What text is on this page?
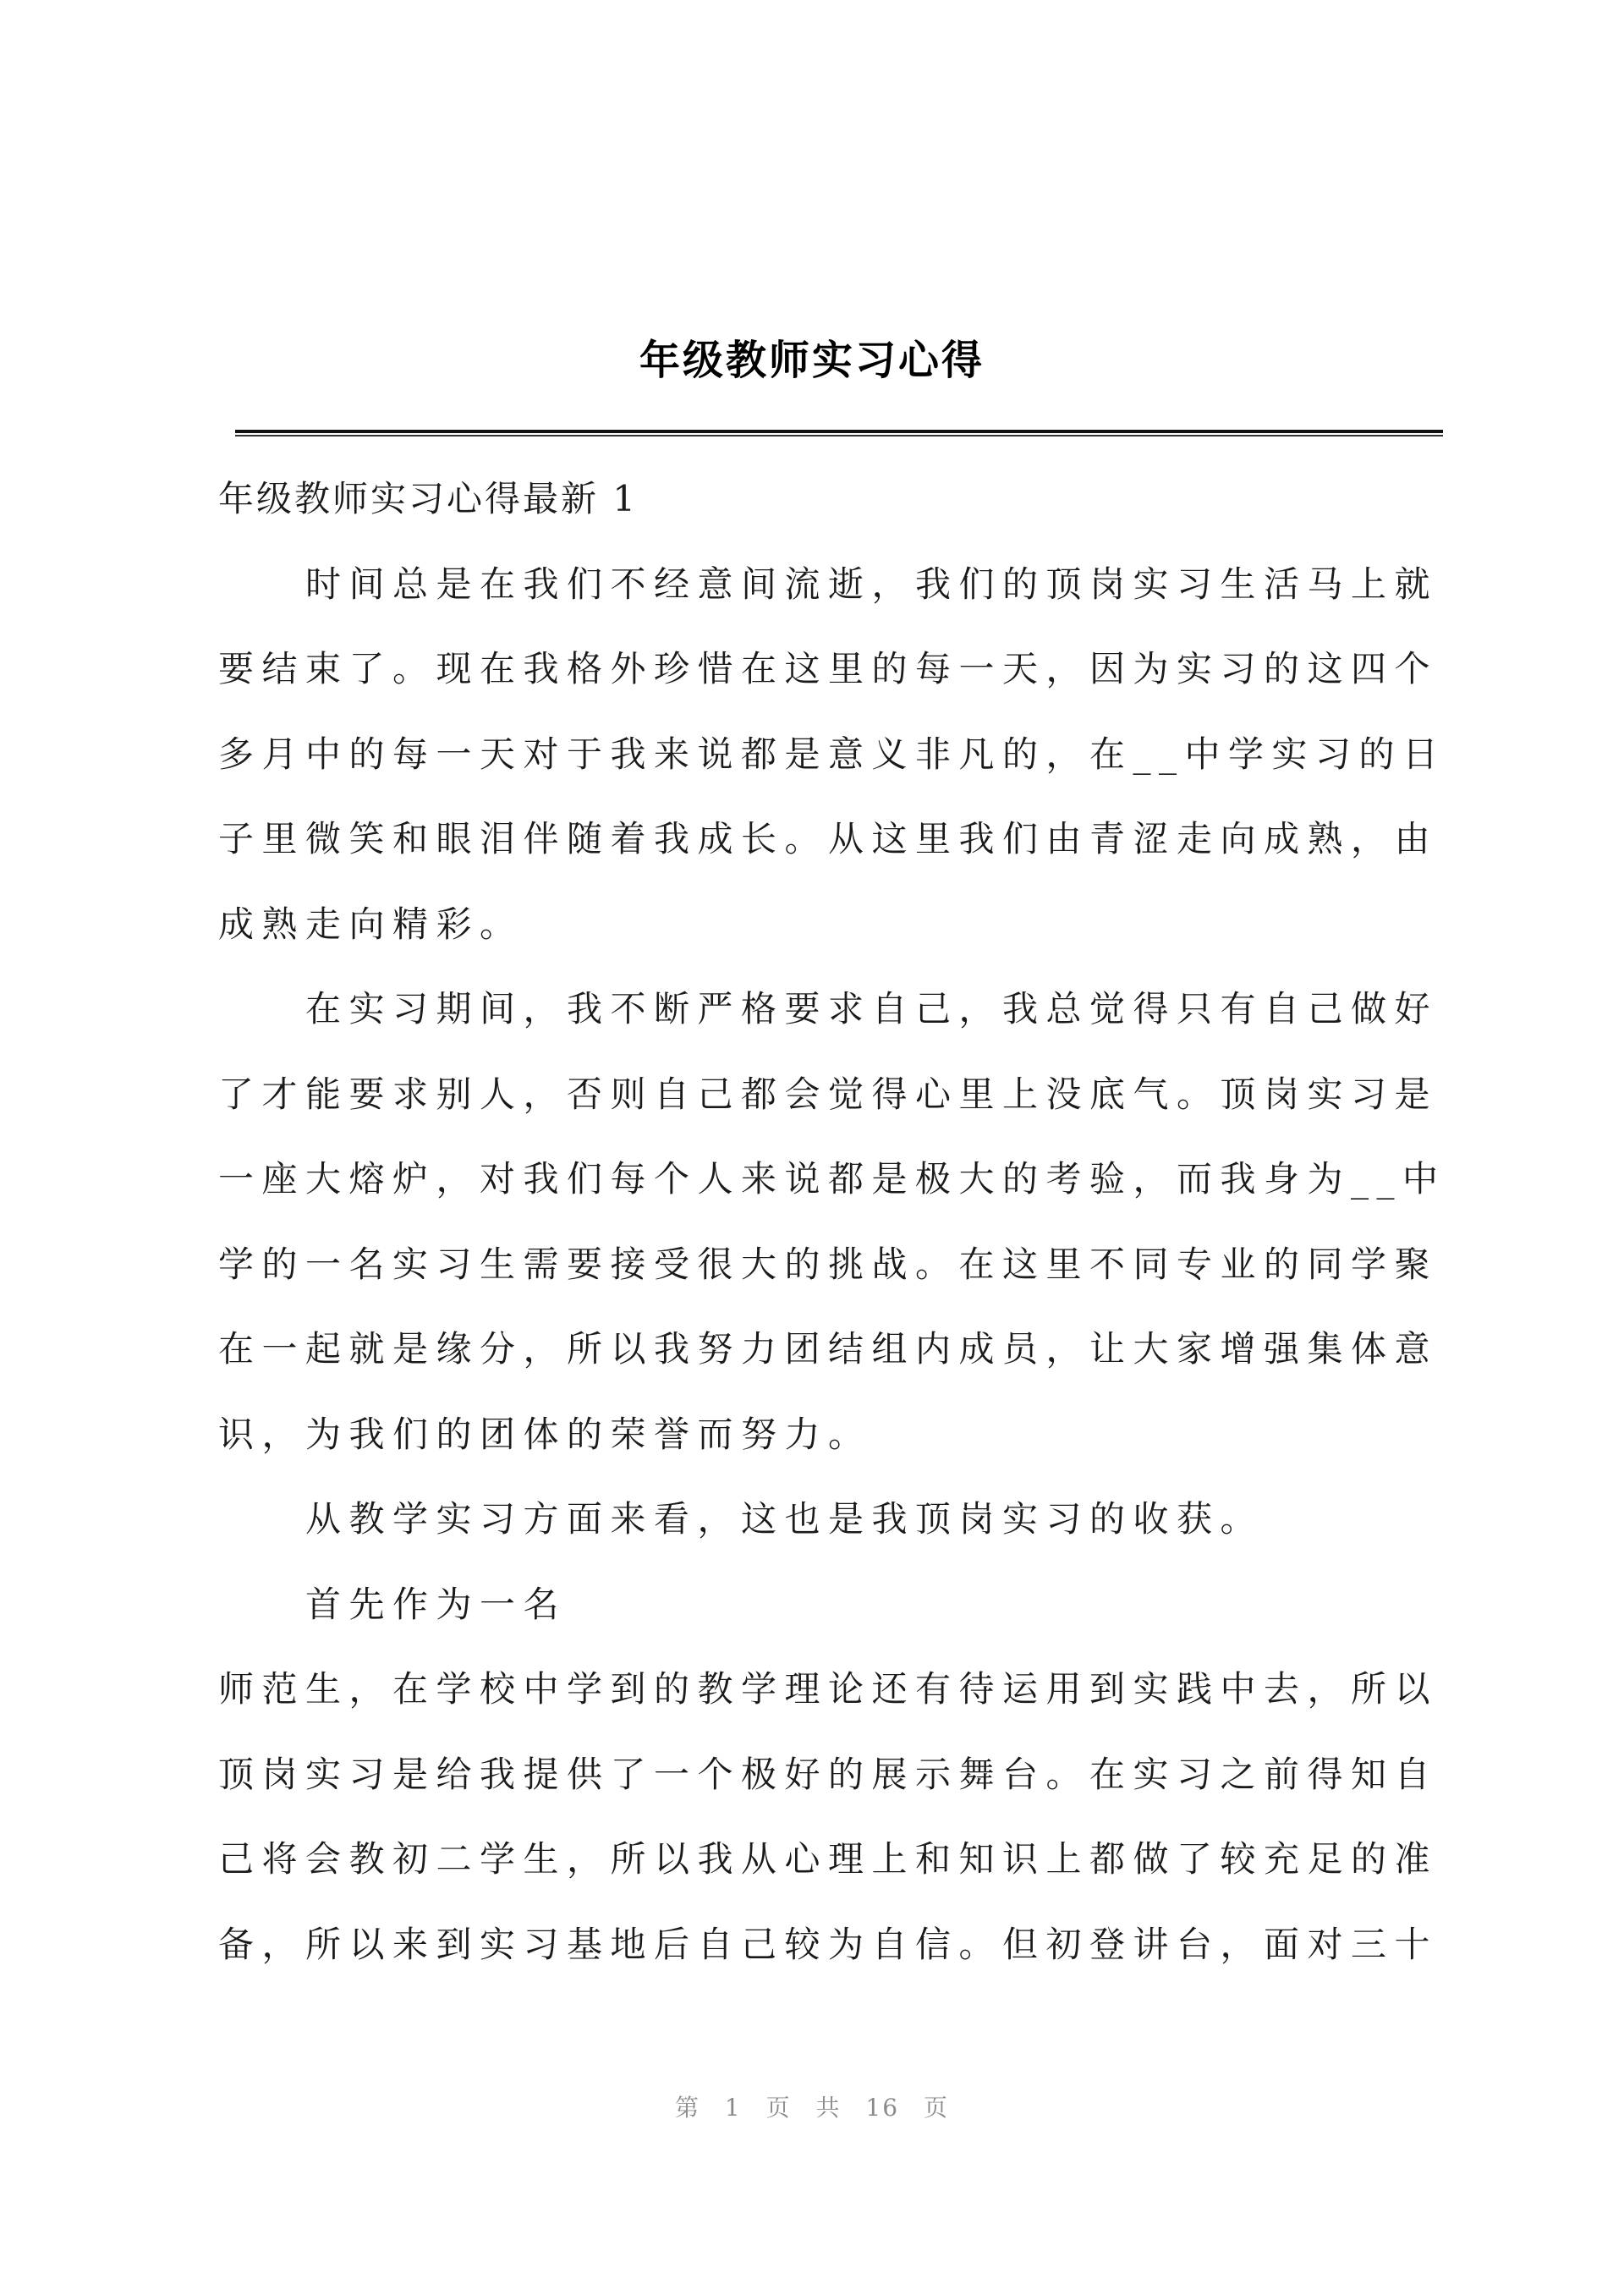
年级教师实习心得
年级教师实习心得最新 1
时间总是在我们不经意间流逝，我们的顶岗实习生活马上就
要结束了。现在我格外珍惜在这里的每一天，因为实习的这四个
多月中的每一天对于我来说都是意义非凡的，在__中学实习的日
子里微笑和眼泪伴随着我成长。从这里我们由青涩走向成熟，由
成熟走向精彩。
在实习期间，我不断严格要求自己，我总觉得只有自己做好
了才能要求别人，否则自己都会觉得心里上没底气。顶岗实习是
一座大熔炉，对我们每个人来说都是极大的考验，而我身为__中
学的一名实习生需要接受很大的挑战。在这里不同专业的同学聚
在一起就是缘分，所以我努力团结组内成员，让大家增强集体意
识，为我们的团体的荣誉而努力。
从教学实习方面来看，这也是我顶岗实习的收获。
首先作为一名
师范生，在学校中学到的教学理论还有待运用到实践中去，所以
顶岗实习是给我提供了一个极好的展示舞台。在实习之前得知自
己将会教初二学生，所以我从心理上和知识上都做了较充足的准
备，所以来到实习基地后自己较为自信。但初登讲台，面对三十
第 1 页 共 16 页
